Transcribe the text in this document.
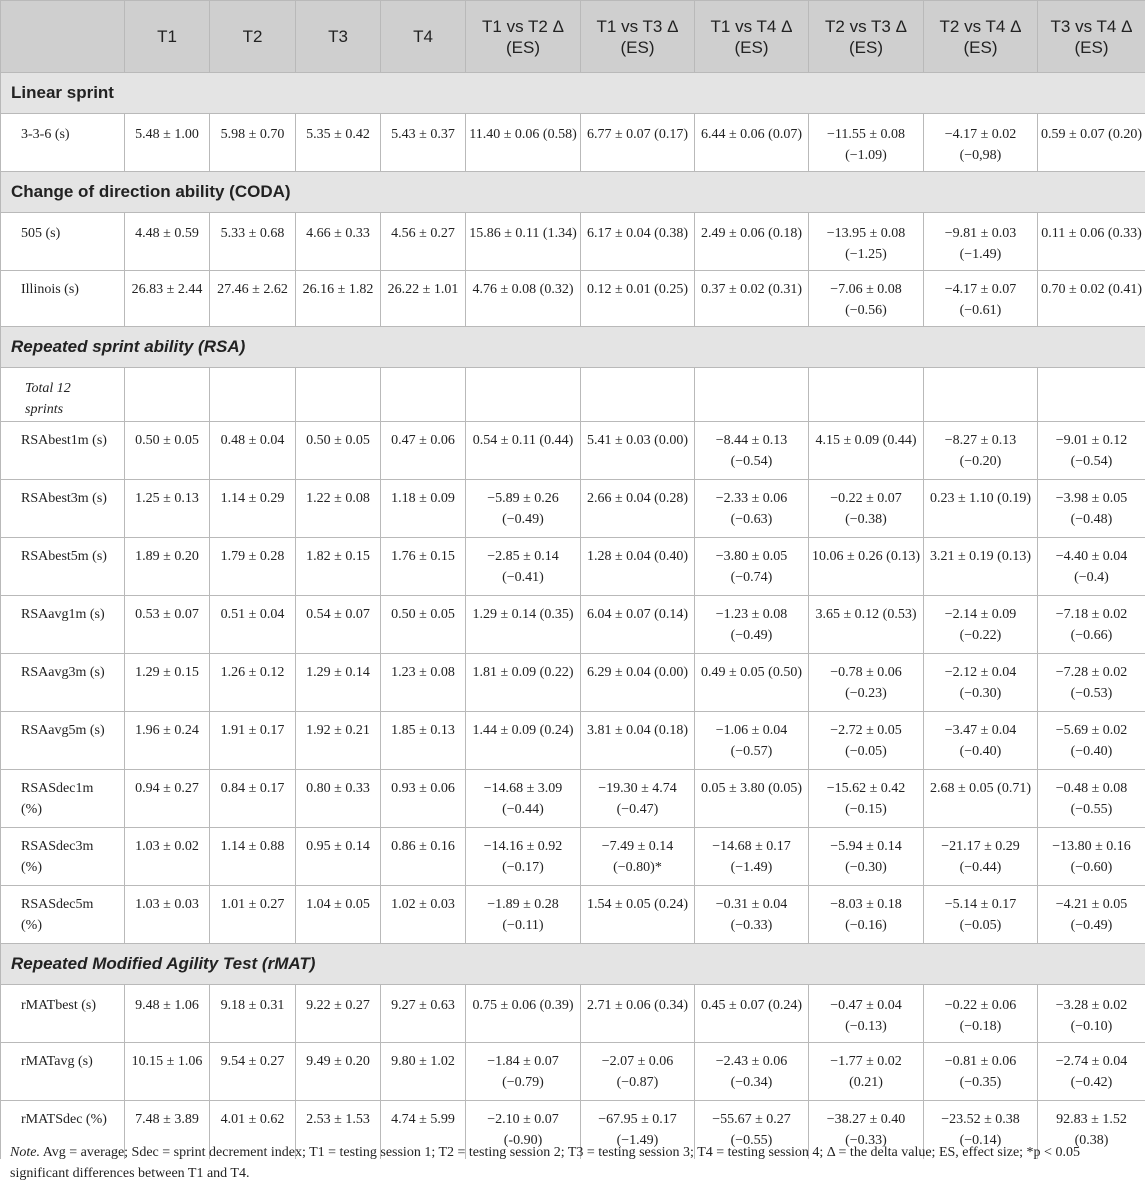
	T1	T2	T3	T4	T1 vs T2 Δ (ES)	T1 vs T3 Δ (ES)	T1 vs T4 Δ (ES)	T2 vs T3 Δ (ES)	T2 vs T4 Δ (ES)	T3 vs T4 Δ (ES)
Linear sprint										
3-3-6 (s)	5.48 ± 1.00	5.98 ± 0.70	5.35 ± 0.42	5.43 ± 0.37	11.40 ± 0.06 (0.58)	6.77 ± 0.07 (0.17)	6.44 ± 0.06 (0.07)	−11.55 ± 0.08 (−1.09)	−4.17 ± 0.02 (−0,98)	0.59 ± 0.07 (0.20)
Change of direction ability (CODA)										
505 (s)	4.48 ± 0.59	5.33 ± 0.68	4.66 ± 0.33	4.56 ± 0.27	15.86 ± 0.11 (1.34)	6.17 ± 0.04 (0.38)	2.49 ± 0.06 (0.18)	−13.95 ± 0.08 (−1.25)	−9.81 ± 0.03 (−1.49)	0.11 ± 0.06 (0.33)
Illinois (s)	26.83 ± 2.44	27.46 ± 2.62	26.16 ± 1.82	26.22 ± 1.01	4.76 ± 0.08 (0.32)	0.12 ± 0.01 (0.25)	0.37 ± 0.02 (0.31)	−7.06 ± 0.08 (−0.56)	−4.17 ± 0.07 (−0.61)	0.70 ± 0.02 (0.41)
Repeated sprint ability (RSA)										
Total 12 sprints										
RSAbest1m (s)	0.50 ± 0.05	0.48 ± 0.04	0.50 ± 0.05	0.47 ± 0.06	0.54 ± 0.11 (0.44)	5.41 ± 0.03 (0.00)	−8.44 ± 0.13 (−0.54)	4.15 ± 0.09 (0.44)	−8.27 ± 0.13 (−0.20)	−9.01 ± 0.12 (−0.54)
RSAbest3m (s)	1.25 ± 0.13	1.14 ± 0.29	1.22 ± 0.08	1.18 ± 0.09	−5.89 ± 0.26 (−0.49)	2.66 ± 0.04 (0.28)	−2.33 ± 0.06 (−0.63)	−0.22 ± 0.07 (−0.38)	0.23 ± 1.10 (0.19)	−3.98 ± 0.05 (−0.48)
RSAbest5m (s)	1.89 ± 0.20	1.79 ± 0.28	1.82 ± 0.15	1.76 ± 0.15	−2.85 ± 0.14 (−0.41)	1.28 ± 0.04 (0.40)	−3.80 ± 0.05 (−0.74)	10.06 ± 0.26 (0.13)	3.21 ± 0.19 (0.13)	−4.40 ± 0.04 (−0.4)
RSAavg1m (s)	0.53 ± 0.07	0.51 ± 0.04	0.54 ± 0.07	0.50 ± 0.05	1.29 ± 0.14 (0.35)	6.04 ± 0.07 (0.14)	−1.23 ± 0.08 (−0.49)	3.65 ± 0.12 (0.53)	−2.14 ± 0.09 (−0.22)	−7.18 ± 0.02 (−0.66)
RSAavg3m (s)	1.29 ± 0.15	1.26 ± 0.12	1.29 ± 0.14	1.23 ± 0.08	1.81 ± 0.09 (0.22)	6.29 ± 0.04 (0.00)	0.49 ± 0.05 (0.50)	−0.78 ± 0.06 (−0.23)	−2.12 ± 0.04 (−0.30)	−7.28 ± 0.02 (−0.53)
RSAavg5m (s)	1.96 ± 0.24	1.91 ± 0.17	1.92 ± 0.21	1.85 ± 0.13	1.44 ± 0.09 (0.24)	3.81 ± 0.04 (0.18)	−1.06 ± 0.04 (−0.57)	−2.72 ± 0.05 (−0.05)	−3.47 ± 0.04 (−0.40)	−5.69 ± 0.02 (−0.40)
RSASdec1m (%)	0.94 ± 0.27	0.84 ± 0.17	0.80 ± 0.33	0.93 ± 0.06	−14.68 ± 3.09 (−0.44)	−19.30 ± 4.74 (−0.47)	0.05 ± 3.80 (0.05)	−15.62 ± 0.42 (−0.15)	2.68 ± 0.05 (0.71)	−0.48 ± 0.08 (−0.55)
RSASdec3m (%)	1.03 ± 0.02	1.14 ± 0.88	0.95 ± 0.14	0.86 ± 0.16	−14.16 ± 0.92 (−0.17)	−7.49 ± 0.14 (−0.80)*	−14.68 ± 0.17 (−1.49)	−5.94 ± 0.14 (−0.30)	−21.17 ± 0.29 (−0.44)	−13.80 ± 0.16 (−0.60)
RSASdec5m (%)	1.03 ± 0.03	1.01 ± 0.27	1.04 ± 0.05	1.02 ± 0.03	−1.89 ± 0.28 (−0.11)	1.54 ± 0.05 (0.24)	−0.31 ± 0.04 (−0.33)	−8.03 ± 0.18 (−0.16)	−5.14 ± 0.17 (−0.05)	−4.21 ± 0.05 (−0.49)
Repeated Modified Agility Test (rMAT)										
rMATbest (s)	9.48 ± 1.06	9.18 ± 0.31	9.22 ± 0.27	9.27 ± 0.63	0.75 ± 0.06 (0.39)	2.71 ± 0.06 (0.34)	0.45 ± 0.07 (0.24)	−0.47 ± 0.04 (−0.13)	−0.22 ± 0.06 (−0.18)	−3.28 ± 0.02 (−0.10)
rMATavg (s)	10.15 ± 1.06	9.54 ± 0.27	9.49 ± 0.20	9.80 ± 1.02	−1.84 ± 0.07 (−0.79)	−2.07 ± 0.06 (−0.87)	−2.43 ± 0.06 (−0.34)	−1.77 ± 0.02 (0.21)	−0.81 ± 0.06 (−0.35)	−2.74 ± 0.04 (−0.42)
rMATSdec (%)	7.48 ± 3.89	4.01 ± 0.62	2.53 ± 1.53	4.74 ± 5.99	−2.10 ± 0.07 (-0.90)	−67.95 ± 0.17 (−1.49)	−55.67 ± 0.27 (−0.55)	−38.27 ± 0.40 (−0.33)	−23.52 ± 0.38 (−0.14)	92.83 ± 1.52 (0.38)
Note. Avg = average; Sdec = sprint decrement index; T1 = testing session 1; T2 = testing session 2; T3 = testing session 3; T4 = testing session 4; Δ = the delta value; ES, effect size; *p < 0.05 significant differences between T1 and T4.
